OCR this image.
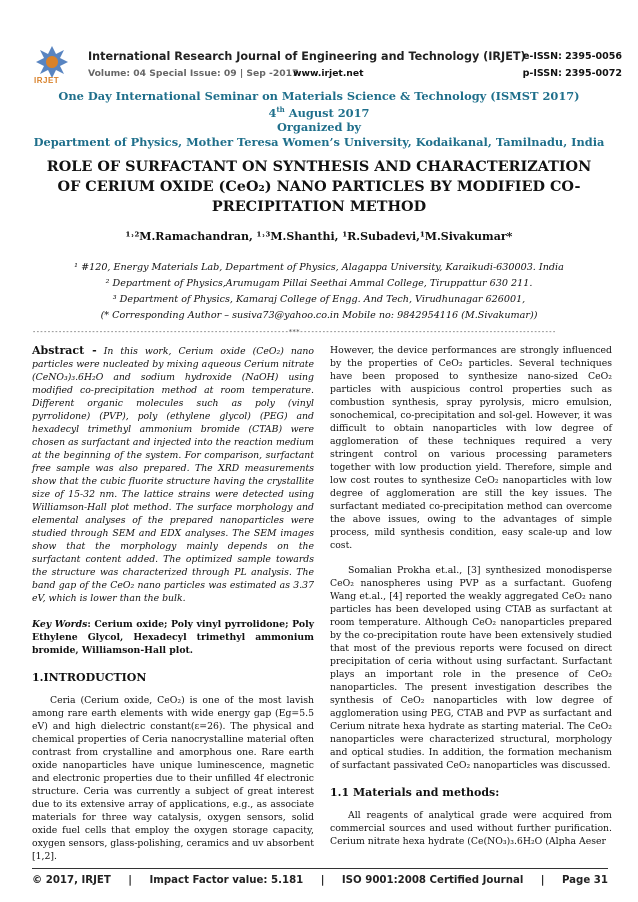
IRJET
International Research Journal of Engineering and Technology (IRJET)
e-ISSN: 2395-0056
Volume: 04 Special Issue: 09 | Sep -2017
www.irjet.net	p-ISSN: 2395-0072
One Day International Seminar on Materials Science & Technology (ISMST 2017)
4th August 2017
Organized by
Department of Physics, Mother Teresa Women’s University, Kodaikanal, Tamilnadu, India
ROLE OF SURFACTANT ON SYNTHESIS AND CHARACTERIZATION OF CERIUM OXIDE (CeO₂) NANO PARTICLES BY MODIFIED CO-PRECIPITATION METHOD
¹˒²M.Ramachandran, ¹˒³M.Shanthi, ¹R.Subadevi,¹M.Sivakumar*
¹ #120, Energy Materials Lab, Department of Physics, Alagappa University, Karaikudi-630003. India
² Department of Physics,Arumugam Pillai Seethai Ammal College, Tiruppattur 630 211.
³ Department of Physics, Kamaraj College of Engg. And Tech, Virudhunagar 626001,
(* Corresponding Author – susiva73@yahoo.co.in Mobile no: 9842954116 (M.Sivakumar))
---------------------------------------------------------------------***---------------------------------------------------------------------

Abstract - In this work, Cerium oxide (CeO₂) nano particles were nucleated by mixing aqueous Cerium nitrate (CeNO₃)₃.6H₂O and sodium hydroxide (NaOH) using modified co-precipitation method at room temperature. Different organic molecules such as poly (vinyl pyrrolidone) (PVP), poly (ethylene glycol) (PEG) and hexadecyl trimethyl ammonium bromide (CTAB) were chosen as surfactant and injected into the reaction medium at the beginning of the system. For comparison, surfactant free sample was also prepared. The XRD measurements show that the cubic fluorite structure having the crystallite size of 15-32 nm. The lattice strains were detected using Williamson-Hall plot method. The surface morphology and elemental analyses of the prepared nanoparticles were studied through SEM and EDX analyses. The SEM images show that the morphology mainly depends on the surfactant content added. The optimized sample towards the structure was characterized through PL analysis. The band gap of the CeO₂ nano particles was estimated as 3.37 eV, which is lower than the bulk.

Key Words: Cerium oxide; Poly vinyl pyrrolidone; Poly Ethylene Glycol, Hexadecyl trimethyl ammonium bromide, Williamson-Hall plot.

1.INTRODUCTION

Ceria (Cerium oxide, CeO₂) is one of the most lavish among rare earth elements with wide energy gap (Eg=5.5 eV) and high dielectric constant(ε=26). The physical and chemical properties of Ceria nanocrystalline material often contrast from crystalline and amorphous one. Rare earth oxide nanoparticles have unique luminescence, magnetic and electronic properties due to their unfilled 4f electronic structure. Ceria was currently a subject of great interest due to its extensive array of applications, e.g., as associate materials for three way catalysis, oxygen sensors, solid oxide fuel cells that employ the oxygen storage capacity, oxygen sensors, glass-polishing, ceramics and uv absorbent [1,2].

However, the device performances are strongly influenced by the properties of CeO₂ particles. Several techniques have been proposed to synthesize nano-sized CeO₂ particles with auspicious control properties such as combustion synthesis, spray pyrolysis, micro emulsion, sonochemical, co-precipitation and sol-gel. However, it was difficult to obtain nanoparticles with low degree of agglomeration of these techniques required a very stringent control on various processing parameters together with low production yield. Therefore, simple and low cost routes to synthesize CeO₂ nanoparticles with low degree of agglomeration are still the key issues. The surfactant mediated co-precipitation method can overcome the above issues, owing to the advantages of simple process, mild synthesis condition, easy scale-up and low cost.

Somalian Prokha et.al., [3] synthesized monodisperse CeO₂ nanospheres using PVP as a surfactant. Guofeng Wang et.al., [4] reported the weakly aggregated CeO₂ nano particles has been developed using CTAB as surfactant at room temperature. Although CeO₂ nanoparticles prepared by the co-precipitation route have been extensively studied that most of the previous reports were focused on direct precipitation of ceria without using surfactant. Surfactant plays an important role in the presence of CeO₂ nanoparticles. The present investigation describes the synthesis of CeO₂ nanoparticles with low degree of agglomeration using PEG, CTAB and PVP as surfactant and Cerium nitrate hexa hydrate as starting material. The CeO₂ nanoparticles were characterized structural, morphology and optical studies. In addition, the formation mechanism of surfactant passivated CeO₂ nanoparticles was discussed.

1.1 Materials and methods:

All reagents of analytical grade were acquired from commercial sources and used without further purification. Cerium nitrate hexa hydrate (Ce(NO₃)₃.6H₂O (Alpha Aeser

© 2017, IRJET | Impact Factor value: 5.181 | ISO 9001:2008 Certified Journal | Page 31
